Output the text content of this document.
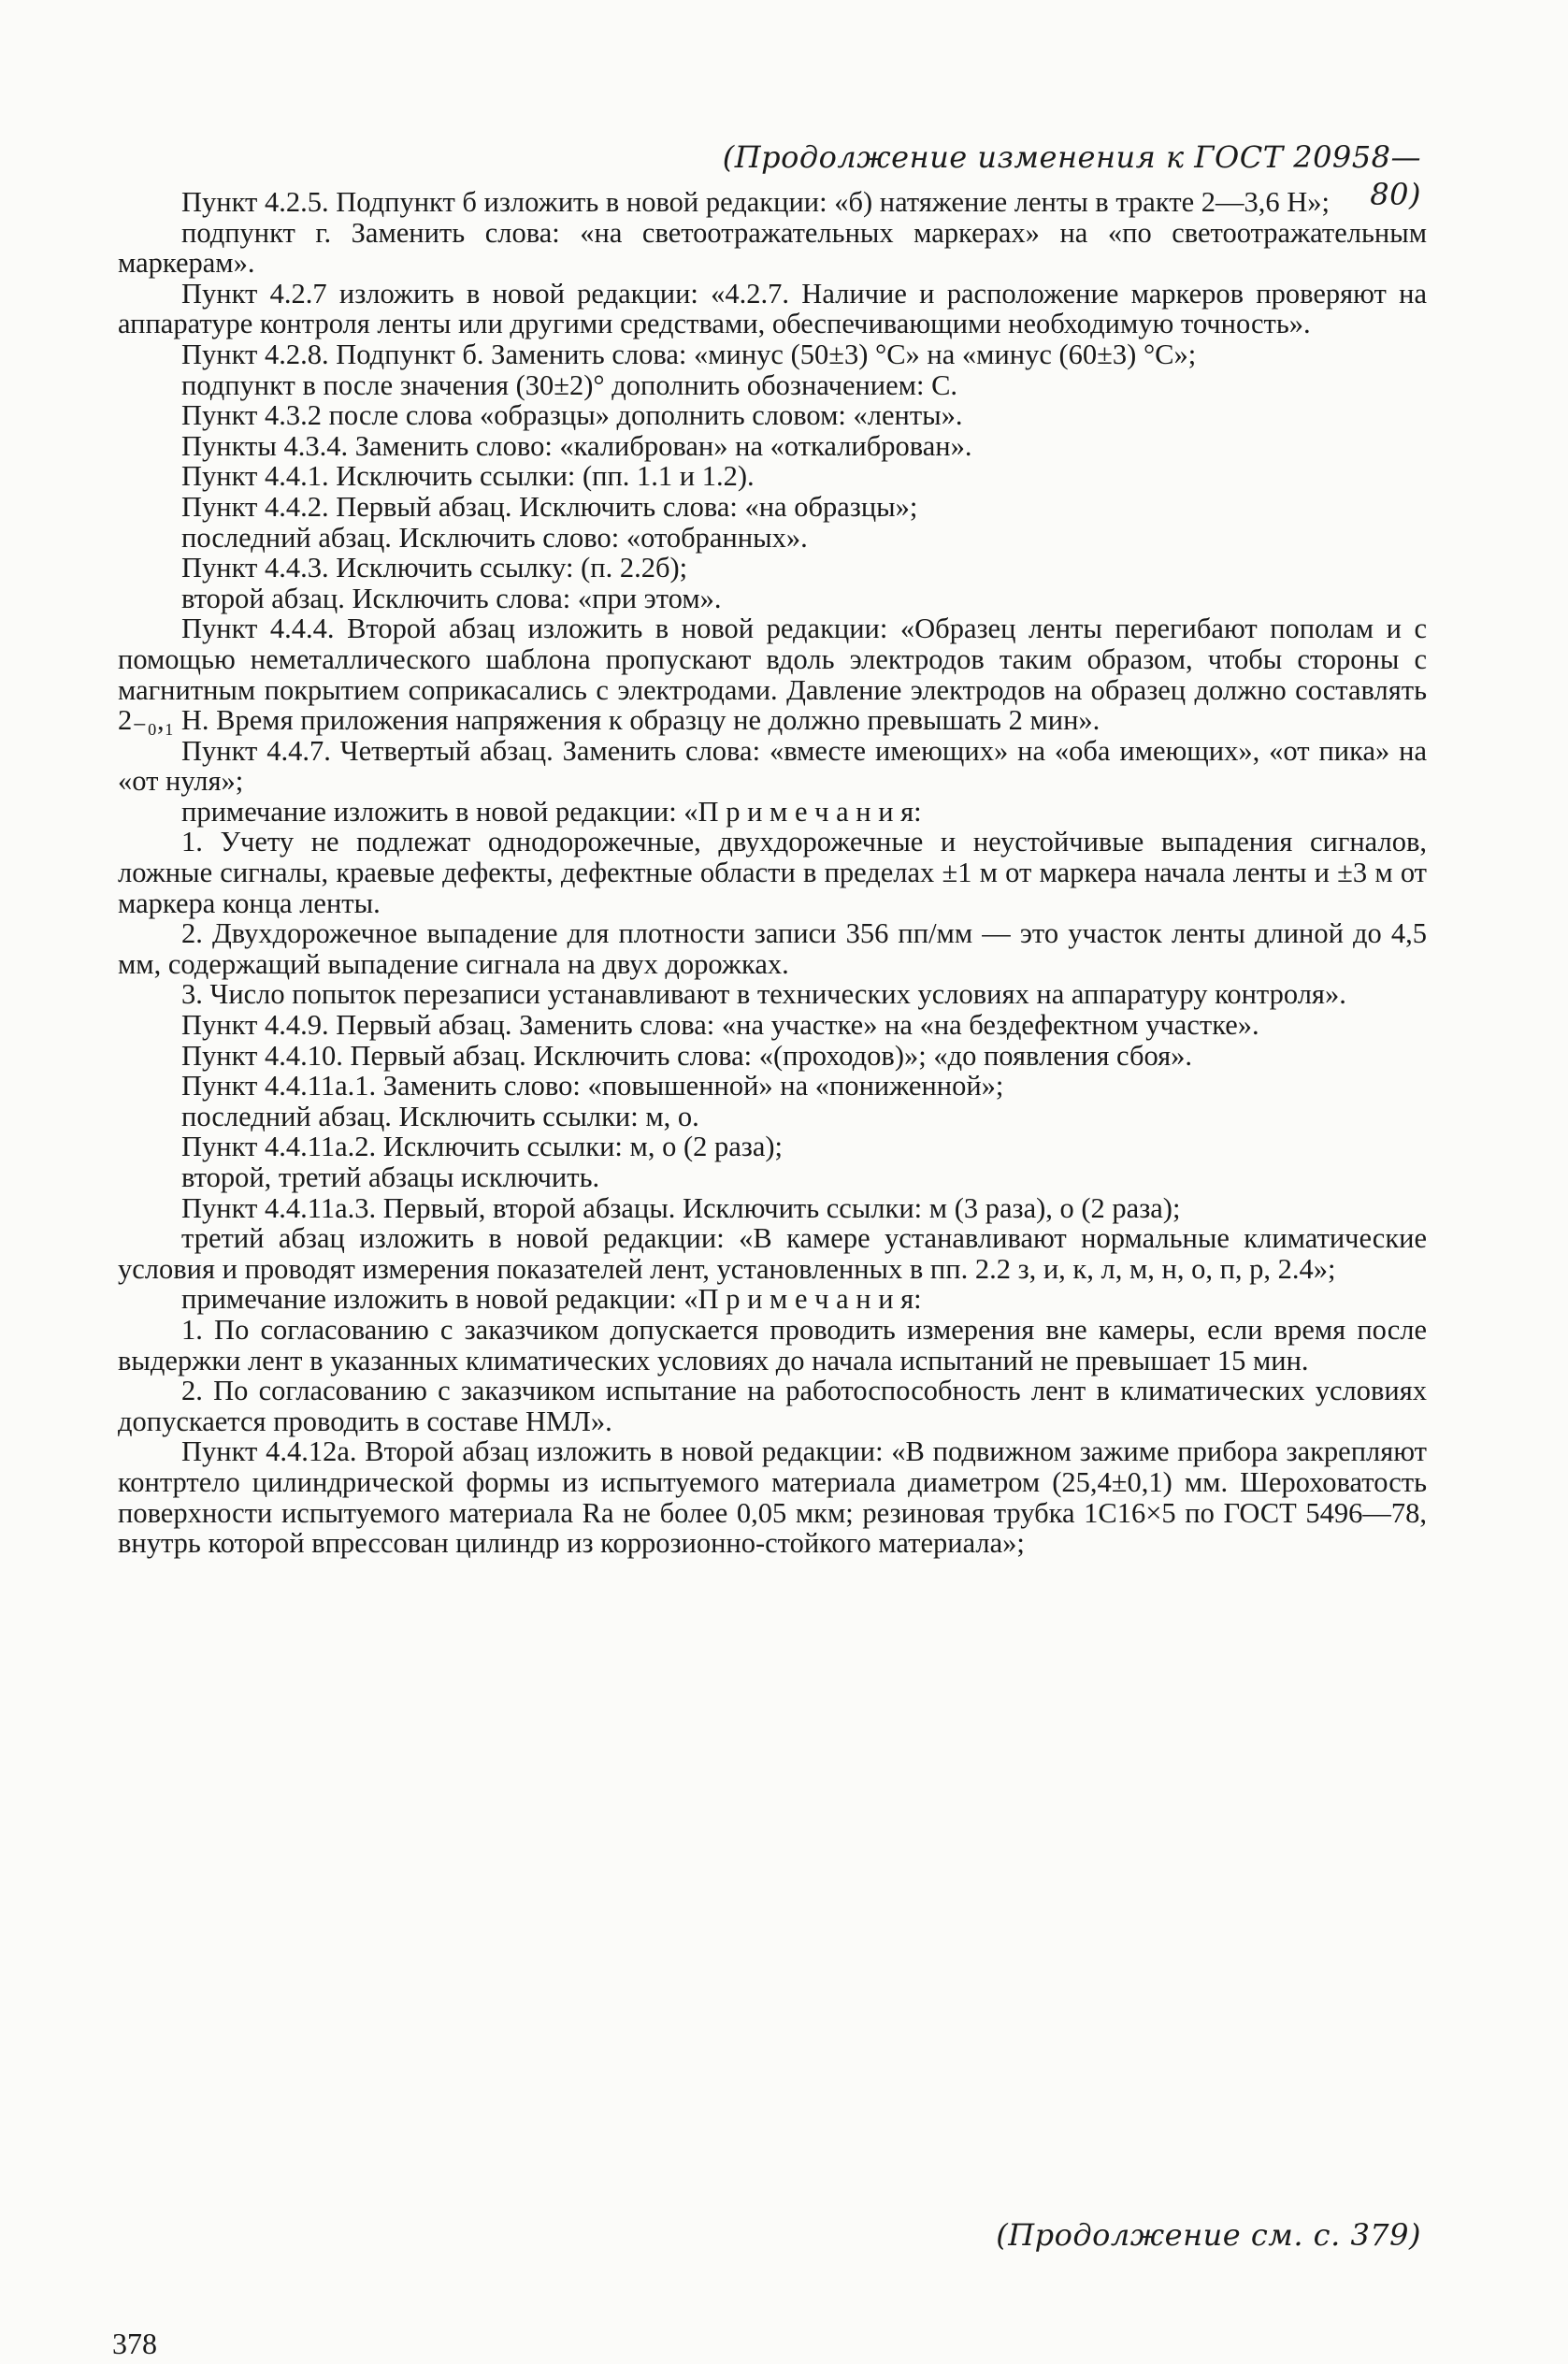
(Продолжение изменения к ГОСТ 20958—80)

Пункт 4.2.5. Подпункт б изложить в новой редакции: «б) натяжение ленты в тракте 2—3,6 Н»;

подпункт г. Заменить слова: «на светоотражательных маркерах» на «по светоотражательным маркерам».

Пункт 4.2.7 изложить в новой редакции: «4.2.7. Наличие и расположение маркеров проверяют на аппаратуре контроля ленты или другими средствами, обеспечивающими необходимую точность».

Пункт 4.2.8. Подпункт б. Заменить слова: «минус (50±3) °С» на «минус (60±3) °С»;

подпункт в после значения (30±2)° дополнить обозначением: С.

Пункт 4.3.2 после слова «образцы» дополнить словом: «ленты».

Пункты 4.3.4. Заменить слово: «калиброван» на «откалиброван».

Пункт 4.4.1. Исключить ссылки: (пп. 1.1 и 1.2).

Пункт 4.4.2. Первый абзац. Исключить слова: «на образцы»;

последний абзац. Исключить слово: «отобранных».

Пункт 4.4.3. Исключить ссылку: (п. 2.2б);

второй абзац. Исключить слова: «при этом».

Пункт 4.4.4. Второй абзац изложить в новой редакции: «Образец ленты перегибают пополам и с помощью неметаллического шаблона пропускают вдоль электродов таким образом, чтобы стороны с магнитным покрытием соприкасались с электродами. Давление электродов на образец должно составлять 2₋₀,₁ Н. Время приложения напряжения к образцу не должно превышать 2 мин».

Пункт 4.4.7. Четвертый абзац. Заменить слова: «вместе имеющих» на «оба имеющих», «от пика» на «от нуля»;

примечание изложить в новой редакции: «П р и м е ч а н и я:

1. Учету не подлежат однодорожечные, двухдорожечные и неустойчивые выпадения сигналов, ложные сигналы, краевые дефекты, дефектные области в пределах ±1 м от маркера начала ленты и ±3 м от маркера конца ленты.

2. Двухдорожечное выпадение для плотности записи 356 пп/мм — это участок ленты длиной до 4,5 мм, содержащий выпадение сигнала на двух дорожках.

3. Число попыток перезаписи устанавливают в технических условиях на аппаратуру контроля».

Пункт 4.4.9. Первый абзац. Заменить слова: «на участке» на «на бездефектном участке».

Пункт 4.4.10. Первый абзац. Исключить слова: «(проходов)»; «до появления сбоя».

Пункт 4.4.11а.1. Заменить слово: «повышенной» на «пониженной»;

последний абзац. Исключить ссылки: м, о.

Пункт 4.4.11а.2. Исключить ссылки: м, о (2 раза);

второй, третий абзацы исключить.

Пункт 4.4.11а.3. Первый, второй абзацы. Исключить ссылки: м (3 раза), о (2 раза);

третий абзац изложить в новой редакции: «В камере устанавливают нормальные климатические условия и проводят измерения показателей лент, установленных в пп. 2.2 з, и, к, л, м, н, о, п, р, 2.4»;

примечание изложить в новой редакции: «П р и м е ч а н и я:

1. По согласованию с заказчиком допускается проводить измерения вне камеры, если время после выдержки лент в указанных климатических условиях до начала испытаний не превышает 15 мин.

2. По согласованию с заказчиком испытание на работоспособность лент в климатических условиях допускается проводить в составе НМЛ».

Пункт 4.4.12а. Второй абзац изложить в новой редакции: «В подвижном зажиме прибора закрепляют контртело цилиндрической формы из испытуемого материала диаметром (25,4±0,1) мм. Шероховатость поверхности испытуемого материала Ra не более 0,05 мкм; резиновая трубка 1С16×5 по ГОСТ 5496—78, внутрь которой впрессован цилиндр из коррозионно-стойкого материала»;

(Продолжение см. с. 379)
378
